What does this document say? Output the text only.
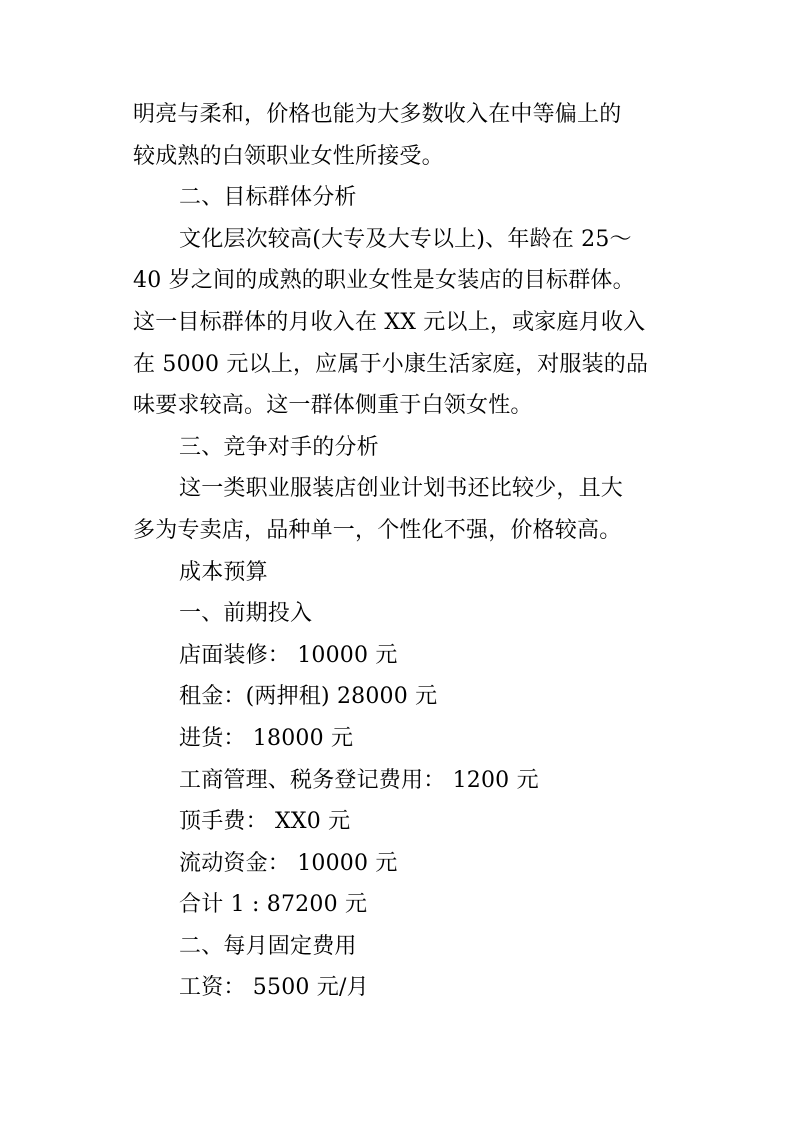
明亮与柔和，价格也能为大多数收入在中等偏上的
较成熟的白领职业女性所接受。
二、目标群体分析
文化层次较高(大专及大专以上)、年龄在 25～
40 岁之间的成熟的职业女性是女装店的目标群体。
这一目标群体的月收入在 XX 元以上，或家庭月收入
在 5000 元以上，应属于小康生活家庭，对服装的品
味要求较高。这一群体侧重于白领女性。
三、竞争对手的分析
这一类职业服装店创业计划书还比较少，且大
多为专卖店，品种单一，个性化不强，价格较高。
成本预算
一、前期投入
店面装修： 10000 元
租金：(两押租) 28000 元
进货： 18000 元
工商管理、税务登记费用： 1200 元
顶手费： XX0 元
流动资金： 10000 元
合计 1 : 87200 元
二、每月固定费用
工资： 5500 元/月
